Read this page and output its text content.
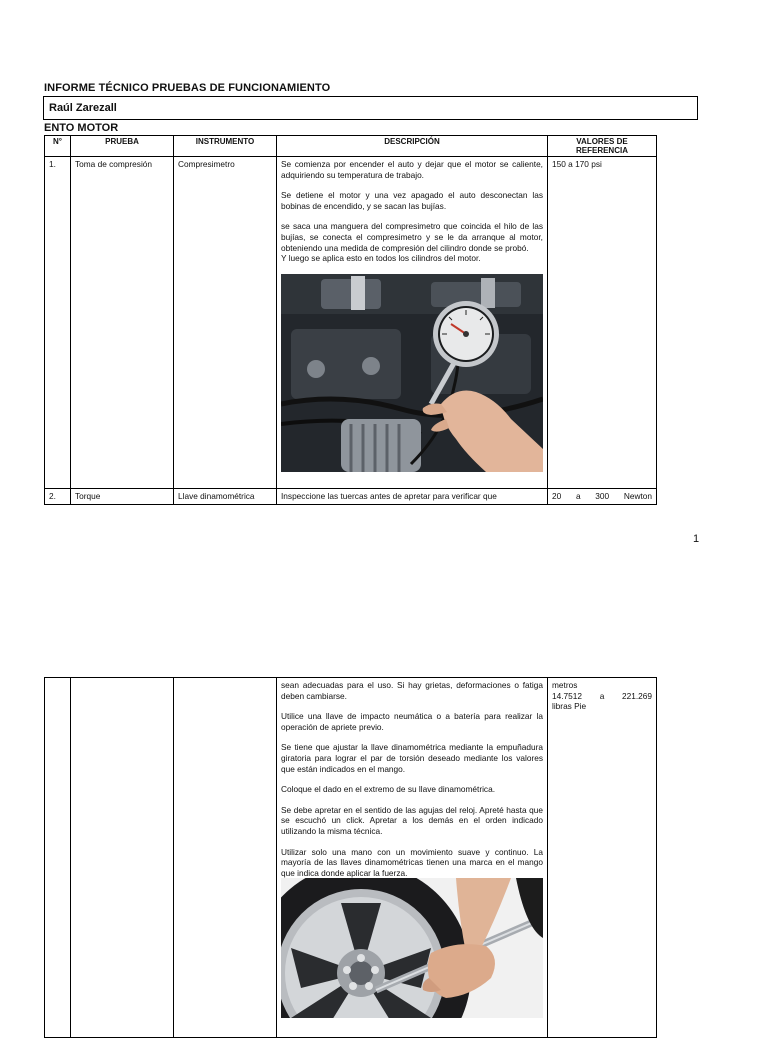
INFORME TÉCNICO PRUEBAS DE FUNCIONAMIENTO
Raúl Zarezall
ENTO MOTOR
N°	PRUEBA	INSTRUMENTO	DESCRIPCIÓN	VALORES DE REFERENCIA
1.	Toma de compresión	Compresimetro	Se comienza por encender el auto y dejar que el motor se caliente, adquiriendo su temperatura de trabajo.

Se detiene el motor y una vez apagado el auto desconectan las bobinas de encendido, y se sacan las bujías.

se saca una manguera del compresimetro que coincida el hilo de las bujías, se conecta el compresimetro y se le da arranque al motor, obteniendo una medida de compresión del cilindro donde se probó.

Y luego se aplica esto en todos los cilindros del motor.	150 a 170 psi
2.	Torque	Llave dinamométrica	Inspeccione las tuercas antes de apretar para verificar que	20 a 300 Newton
1

sean adecuadas para el uso. Si hay grietas, deformaciones o fatiga deben cambiarse.

Utilice una llave de impacto neumática o a batería para realizar la operación de apriete previo.

Se tiene que ajustar la llave dinamométrica mediante la empuñadura giratoria para lograr el par de torsión deseado mediante los valores que están indicados en el mango.

Coloque el dado en el extremo de su llave dinamométrica.

Se debe apretar en el sentido de las agujas del reloj. Apreté hasta que se escuchó un click. Apretar a los demás en el orden indicado utilizando la misma técnica.

Utilizar solo una mano con un movimiento suave y continuo. La mayoría de las llaves dinamométricas tienen una marca en el mango que indica donde aplicar la fuerza.

metros
14.7512 a 221.269
libras Pie
